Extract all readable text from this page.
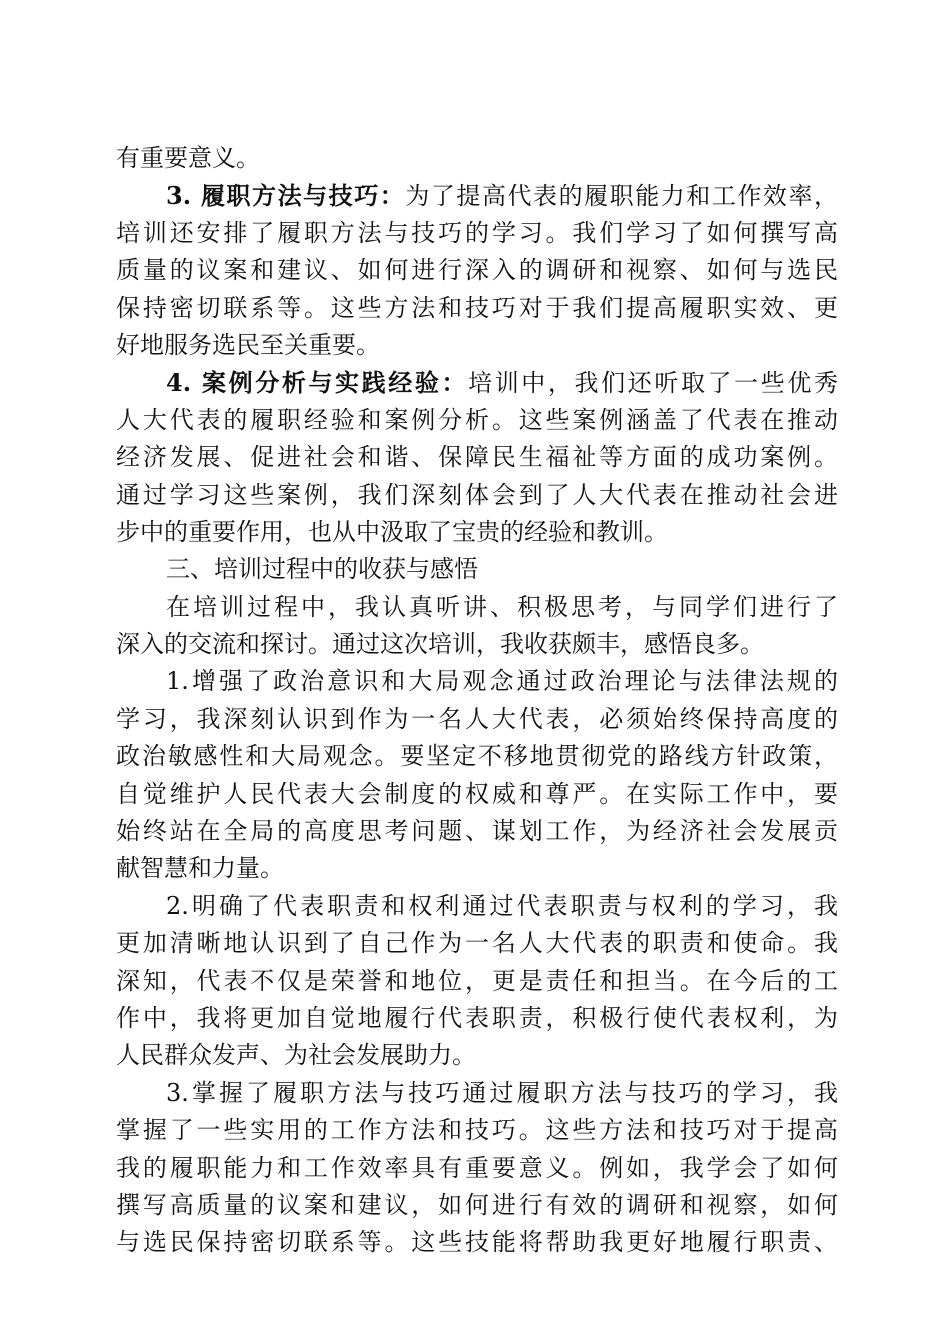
有重要意义。
3. 履职方法与技巧：为了提高代表的履职能力和工作效率，
培训还安排了履职方法与技巧的学习。我们学习了如何撰写高
质量的议案和建议、如何进行深入的调研和视察、如何与选民
保持密切联系等。这些方法和技巧对于我们提高履职实效、更
好地服务选民至关重要。
4. 案例分析与实践经验：培训中，我们还听取了一些优秀
人大代表的履职经验和案例分析。这些案例涵盖了代表在推动
经济发展、促进社会和谐、保障民生福祉等方面的成功案例。
通过学习这些案例，我们深刻体会到了人大代表在推动社会进
步中的重要作用，也从中汲取了宝贵的经验和教训。
三、培训过程中的收获与感悟
在培训过程中，我认真听讲、积极思考，与同学们进行了
深入的交流和探讨。通过这次培训，我收获颇丰，感悟良多。
1.增强了政治意识和大局观念通过政治理论与法律法规的
学习，我深刻认识到作为一名人大代表，必须始终保持高度的
政治敏感性和大局观念。要坚定不移地贯彻党的路线方针政策，
自觉维护人民代表大会制度的权威和尊严。在实际工作中，要
始终站在全局的高度思考问题、谋划工作，为经济社会发展贡
献智慧和力量。
2.明确了代表职责和权利通过代表职责与权利的学习，我
更加清晰地认识到了自己作为一名人大代表的职责和使命。我
深知，代表不仅是荣誉和地位，更是责任和担当。在今后的工
作中，我将更加自觉地履行代表职责，积极行使代表权利，为
人民群众发声、为社会发展助力。
3.掌握了履职方法与技巧通过履职方法与技巧的学习，我
掌握了一些实用的工作方法和技巧。这些方法和技巧对于提高
我的履职能力和工作效率具有重要意义。例如，我学会了如何
撰写高质量的议案和建议，如何进行有效的调研和视察，如何
与选民保持密切联系等。这些技能将帮助我更好地履行职责、
